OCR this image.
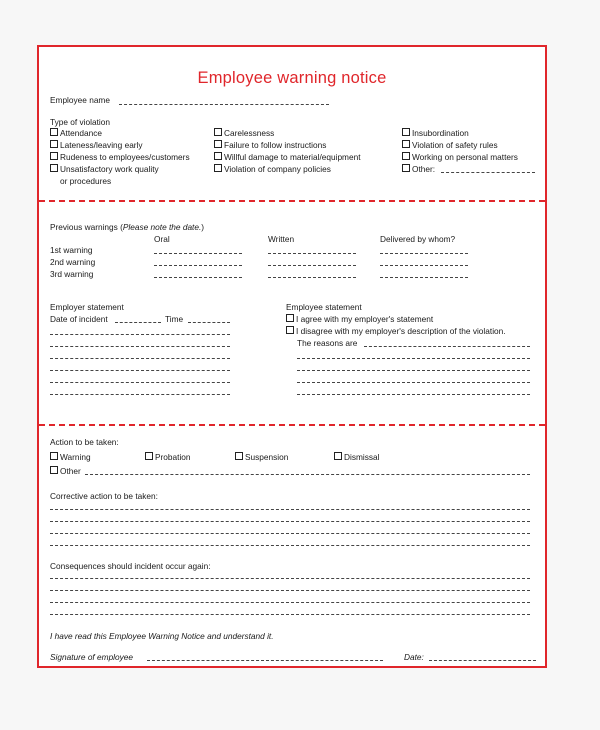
Employee warning notice
Employee name
Type of violation
Attendance
Lateness/leaving early
Rudeness to employees/customers
Unsatisfactory work quality
or procedures
Carelessness
Failure to follow instructions
Willful damage to material/equipment
Violation of company policies
Insubordination
Violation of safety rules
Working on personal matters
Other:
Previous warnings (Please note the date.)
Oral	Written	Delivered by whom?
1st warning
2nd warning
3rd warning
Employer statement
Date of incident	Time
Employee statement
I agree with my employer's statement
I disagree with my employer's description of the violation.
The reasons are
Action to be taken:
Warning	Probation	Suspension	Dismissal
Other
Corrective action to be taken:
Consequences should incident occur again:
I have read this Employee Warning Notice and understand it.
Signature of employee	Date:
